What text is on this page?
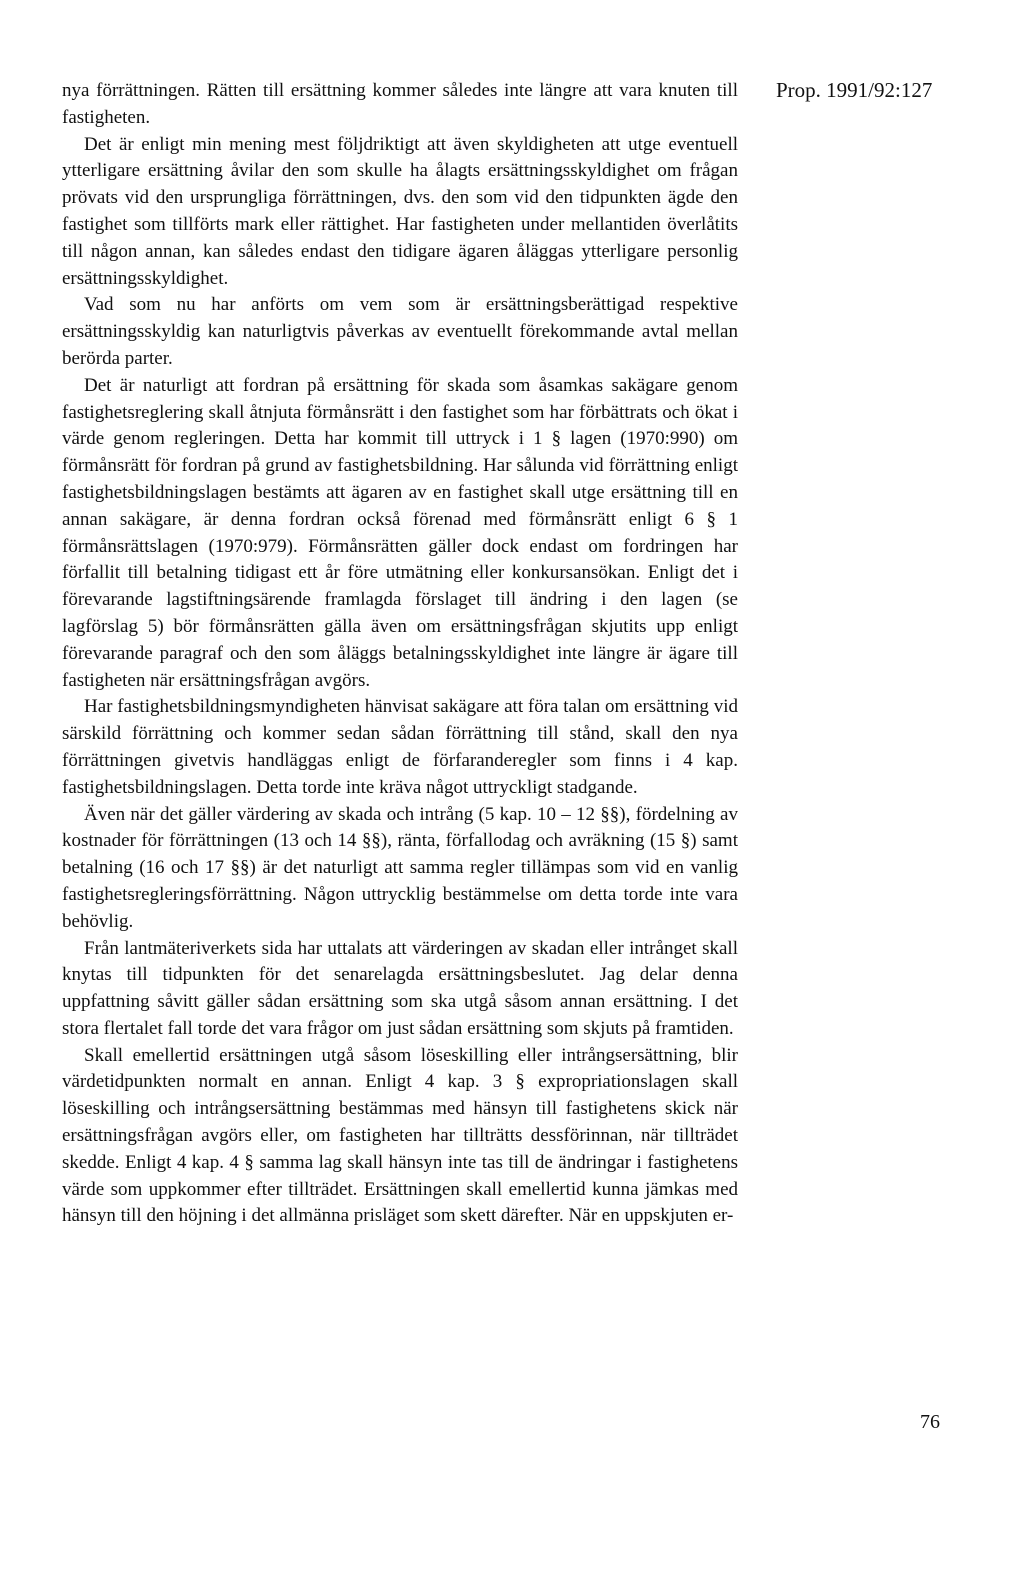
nya förrättningen. Rätten till ersättning kommer således inte längre att vara knuten till fastigheten.

Det är enligt min mening mest följdriktigt att även skyldigheten att utge eventuell ytterligare ersättning åvilar den som skulle ha ålagts ersättningsskyldighet om frågan prövats vid den ursprungliga förrättningen, dvs. den som vid den tidpunkten ägde den fastighet som tillförts mark eller rättighet. Har fastigheten under mellantiden överlåtits till någon annan, kan således endast den tidigare ägaren åläggas ytterligare personlig ersättningsskyldighet.

Vad som nu har anförts om vem som är ersättningsberättigad respektive ersättningsskyldig kan naturligtvis påverkas av eventuellt förekommande avtal mellan berörda parter.

Det är naturligt att fordran på ersättning för skada som åsamkas sakägare genom fastighetsreglering skall åtnjuta förmånsrätt i den fastighet som har förbättrats och ökat i värde genom regleringen. Detta har kommit till uttryck i 1 § lagen (1970:990) om förmånsrätt för fordran på grund av fastighetsbildning. Har sålunda vid förrättning enligt fastighetsbildningslagen bestämts att ägaren av en fastighet skall utge ersättning till en annan sakägare, är denna fordran också förenad med förmånsrätt enligt 6 § 1 förmånsrättslagen (1970:979). Förmånsrätten gäller dock endast om fordringen har förfallit till betalning tidigast ett år före utmätning eller konkursansökan. Enligt det i förevarande lagstiftningsärende framlagda förslaget till ändring i den lagen (se lagförslag 5) bör förmånsrätten gälla även om ersättningsfrågan skjutits upp enligt förevarande paragraf och den som åläggs betalningsskyldighet inte längre är ägare till fastigheten när ersättningsfrågan avgörs.

Har fastighetsbildningsmyndigheten hänvisat sakägare att föra talan om ersättning vid särskild förrättning och kommer sedan sådan förrättning till stånd, skall den nya förrättningen givetvis handläggas enligt de förfaranderegler som finns i 4 kap. fastighetsbildningslagen. Detta torde inte kräva något uttryckligt stadgande.

Även när det gäller värdering av skada och intrång (5 kap. 10 – 12 §§), fördelning av kostnader för förrättningen (13 och 14 §§), ränta, förfallodag och avräkning (15 §) samt betalning (16 och 17 §§) är det naturligt att samma regler tillämpas som vid en vanlig fastighetsregleringsförrättning. Någon uttrycklig bestämmelse om detta torde inte vara behövlig.

Från lantmäteriverkets sida har uttalats att värderingen av skadan eller intrånget skall knytas till tidpunkten för det senarelagda ersättningsbeslutet. Jag delar denna uppfattning såvitt gäller sådan ersättning som ska utgå såsom annan ersättning. I det stora flertalet fall torde det vara frågor om just sådan ersättning som skjuts på framtiden.

Skall emellertid ersättningen utgå såsom löseskilling eller intrångsersättning, blir värdetidpunkten normalt en annan. Enligt 4 kap. 3 § expropriationslagen skall löseskilling och intrångsersättning bestämmas med hänsyn till fastighetens skick när ersättningsfrågan avgörs eller, om fastigheten har tillträtts dessförinnan, när tillträdet skedde. Enligt 4 kap. 4 § samma lag skall hänsyn inte tas till de ändringar i fastighetens värde som uppkommer efter tillträdet. Ersättningen skall emellertid kunna jämkas med hänsyn till den höjning i det allmänna prisläget som skett därefter. När en uppskjuten er-

Prop. 1991/92:127
76
